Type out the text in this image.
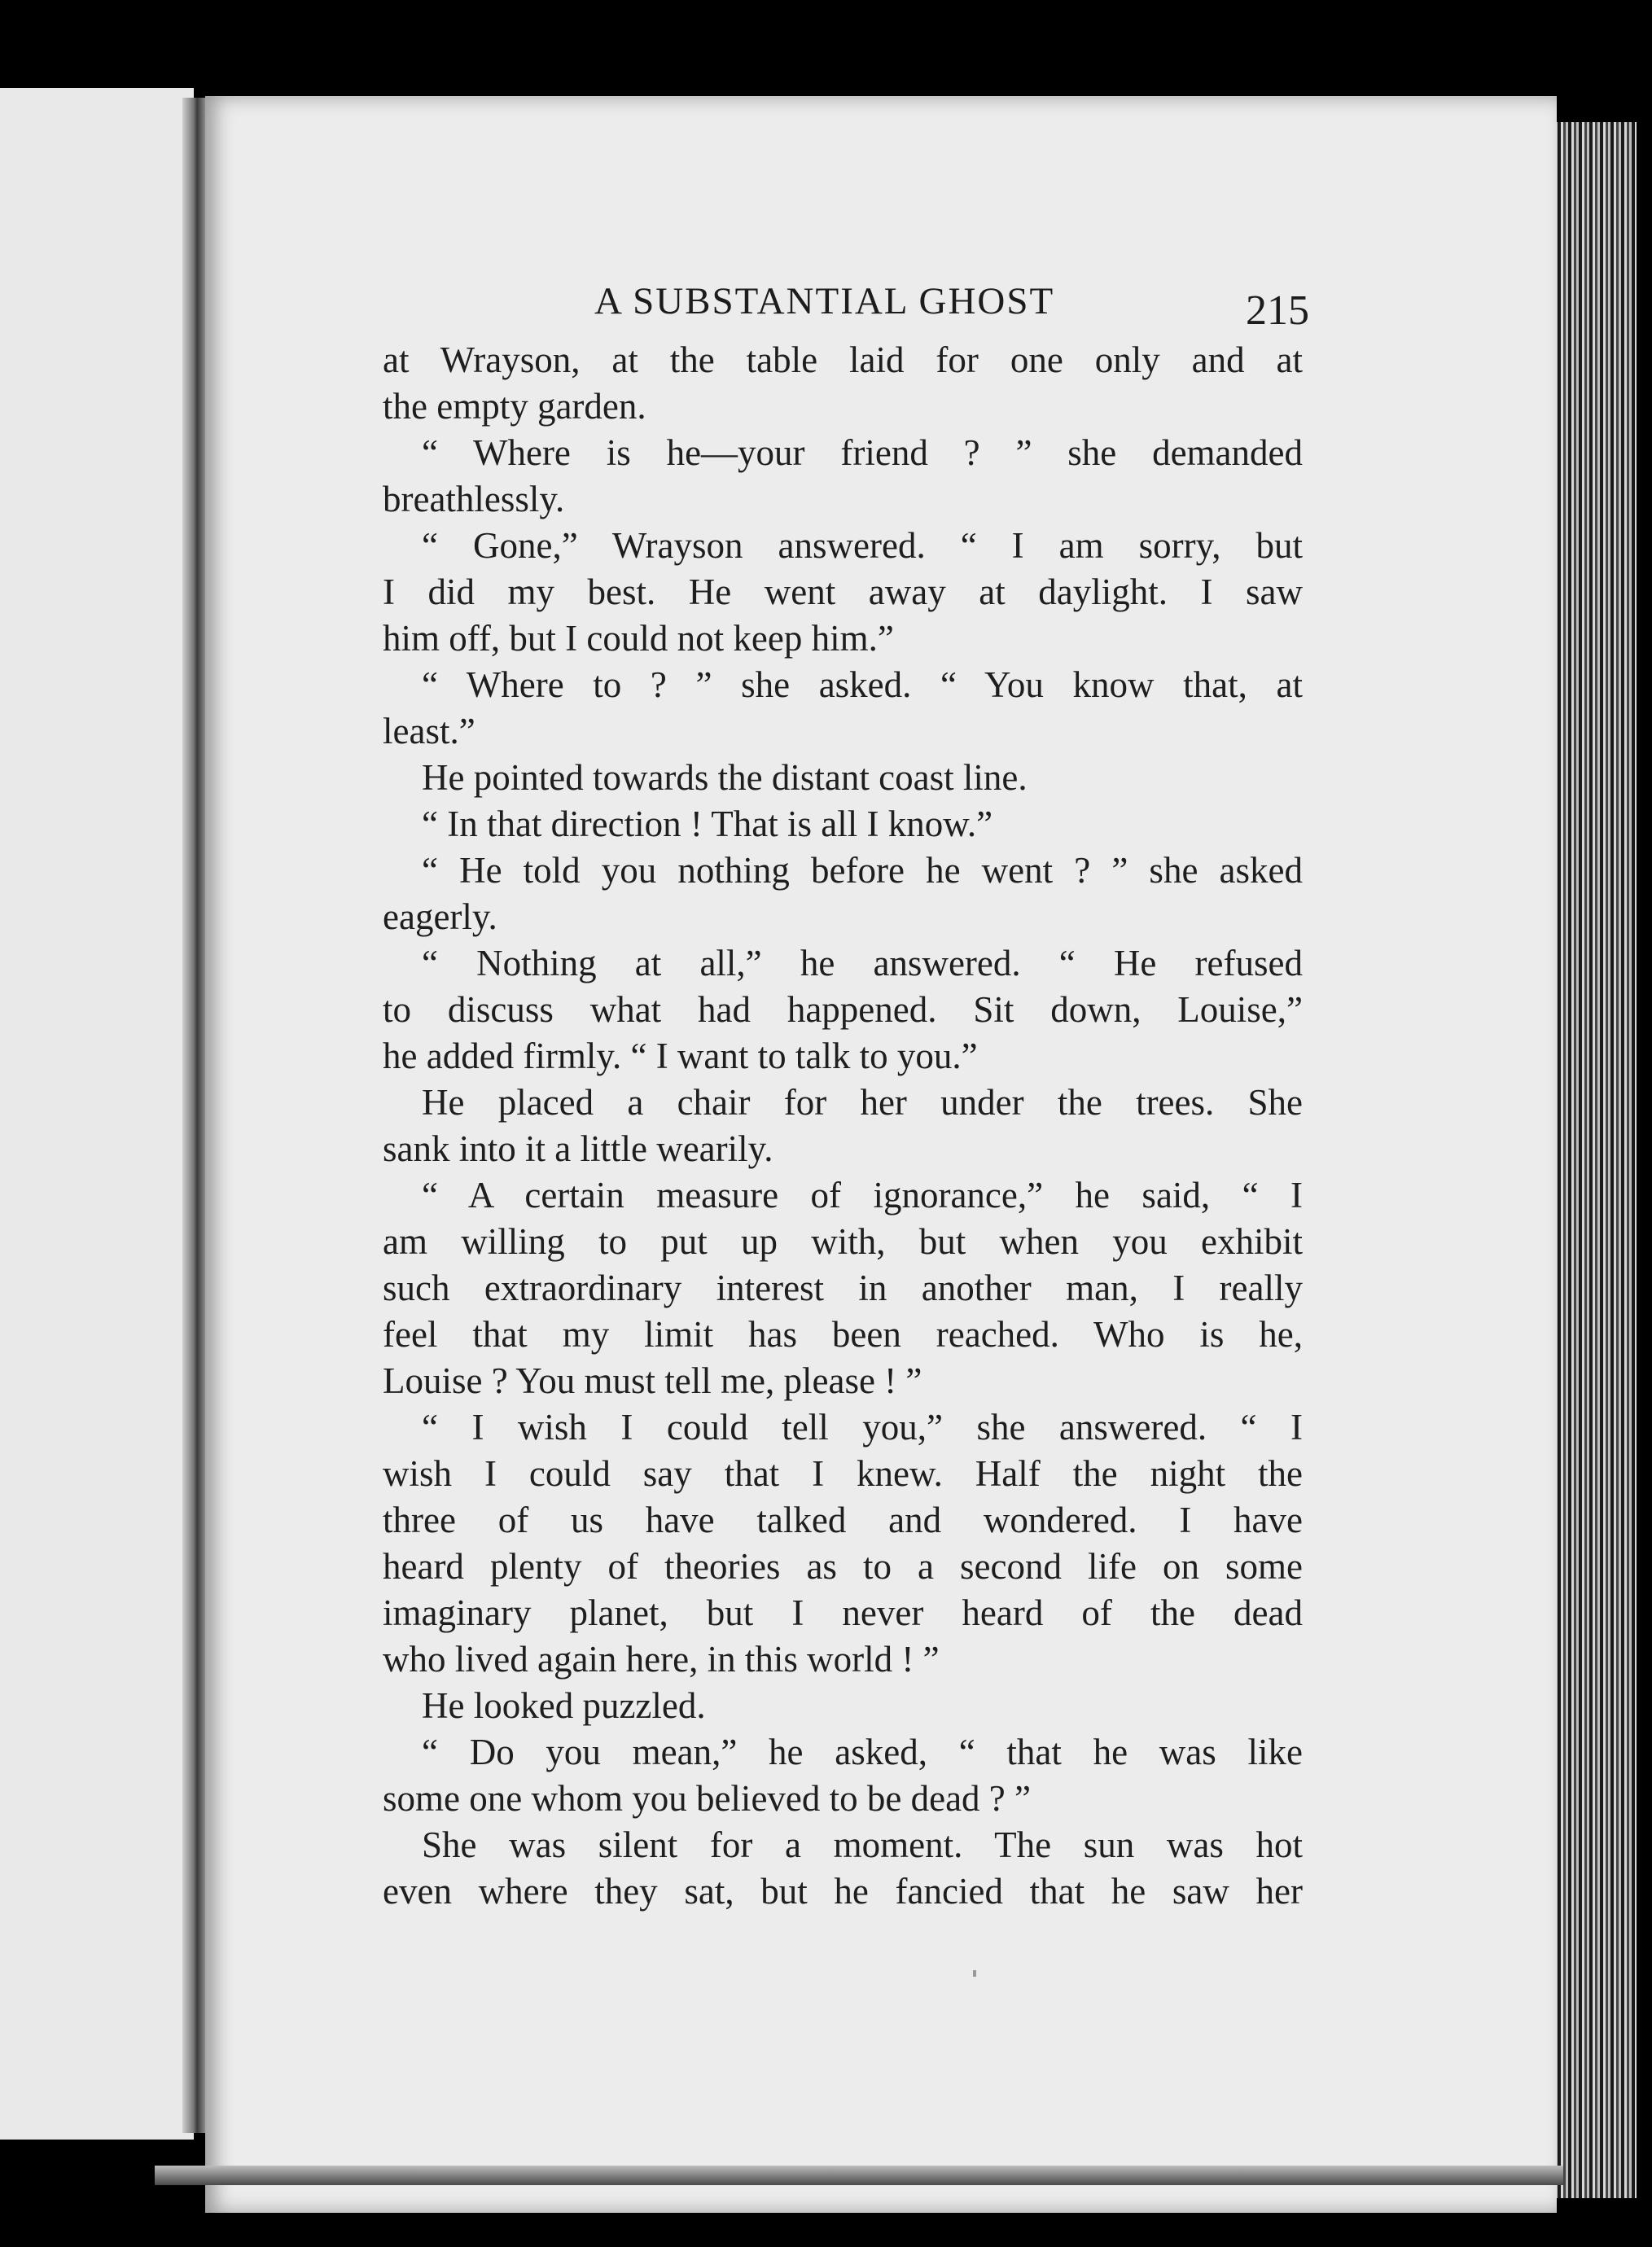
A SUBSTANTIAL GHOST	215
at Wrayson, at the table laid for one only and at
the empty garden.
“ Where is he—your friend ? ” she demanded
breathlessly.
“ Gone,” Wrayson answered. “ I am sorry, but
I did my best. He went away at daylight. I saw
him off, but I could not keep him.”
“ Where to ? ” she asked. “ You know that, at
least.”
He pointed towards the distant coast line.
“ In that direction ! That is all I know.”
“ He told you nothing before he went ? ” she asked
eagerly.
“ Nothing at all,” he answered. “ He refused
to discuss what had happened. Sit down, Louise,”
he added firmly. “ I want to talk to you.”
He placed a chair for her under the trees. She
sank into it a little wearily.
“ A certain measure of ignorance,” he said, “ I
am willing to put up with, but when you exhibit
such extraordinary interest in another man, I really
feel that my limit has been reached. Who is he,
Louise ? You must tell me, please ! ”
“ I wish I could tell you,” she answered. “ I
wish I could say that I knew. Half the night the
three of us have talked and wondered. I have
heard plenty of theories as to a second life on some
imaginary planet, but I never heard of the dead
who lived again here, in this world ! ”
He looked puzzled.
“ Do you mean,” he asked, “ that he was like
some one whom you believed to be dead ? ”
She was silent for a moment. The sun was hot
even where they sat, but he fancied that he saw her
